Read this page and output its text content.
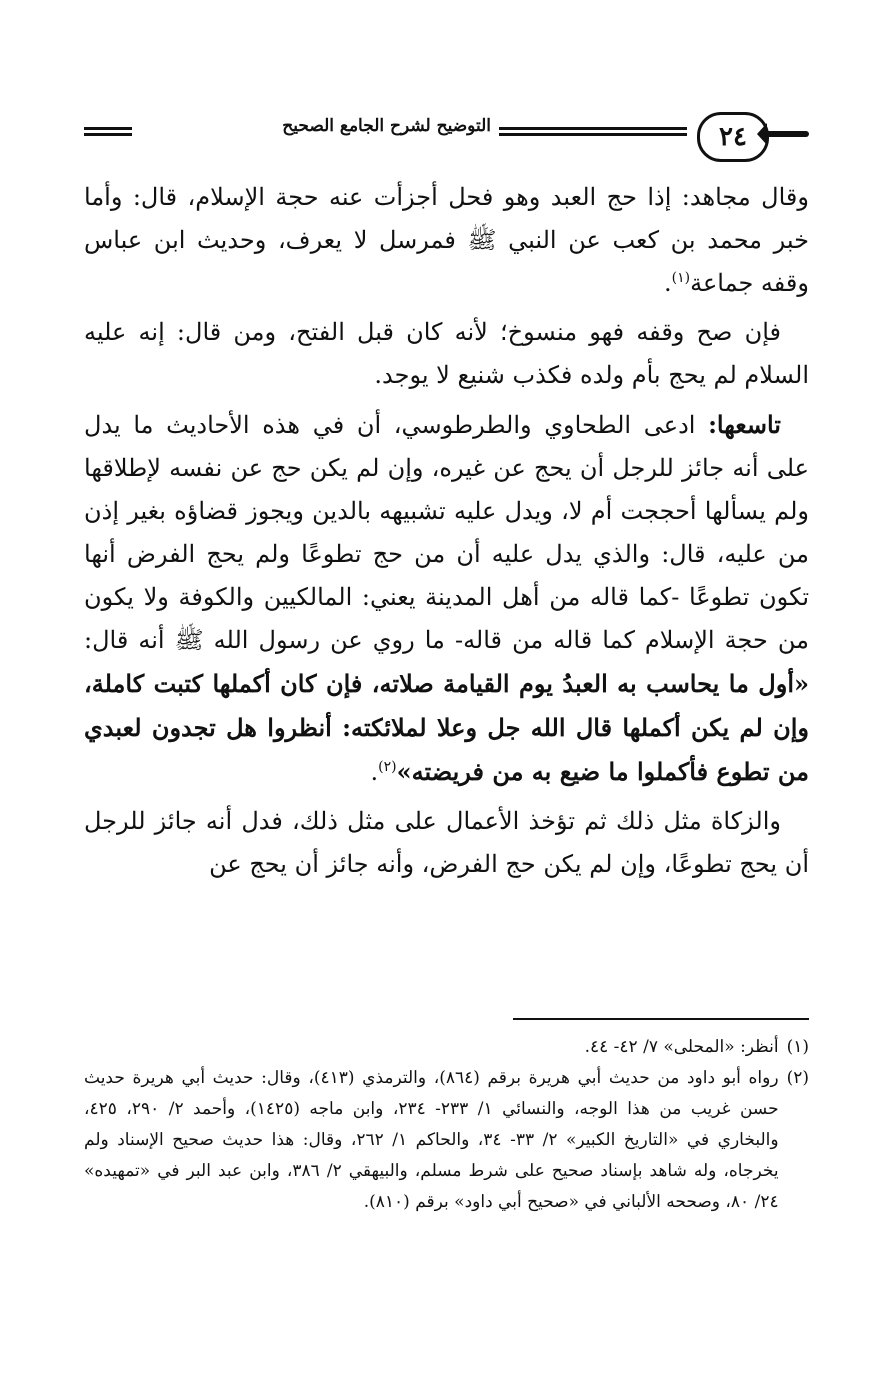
التوضيح لشرح الجامع الصحيح	٢٤

وقال مجاهد: إذا حج العبد وهو فحل أجزأت عنه حجة الإسلام، قال: وأما خبر محمد بن كعب عن النبي ﷺ فمرسل لا يعرف، وحديث ابن عباس وقفه جماعة$^{(١)}$.

فإن صح وقفه فهو منسوخ؛ لأنه كان قبل الفتح، ومن قال: إنه عليه السلام لم يحج بأم ولده فكذب شنيع لا يوجد.

تاسعها: ادعى الطحاوي والطرطوسي، أن في هذه الأحاديث ما يدل على أنه جائز للرجل أن يحج عن غيره، وإن لم يكن حج عن نفسه لإطلاقها ولم يسألها أحججت أم لا، ويدل عليه تشبيهه بالدين ويجوز قضاؤه بغير إذن من عليه، قال: والذي يدل عليه أن من حج تطوعًا ولم يحج الفرض أنها تكون تطوعًا -كما قاله من أهل المدينة يعني: المالكيين والكوفة ولا يكون من حجة الإسلام كما قاله من قاله- ما روي عن رسول الله ﷺ أنه قال: «أول ما يحاسب به العبدُ يوم القيامة صلاته، فإن كان أكملها كتبت كاملة، وإن لم يكن أكملها قال الله جل وعلا لملائكته: أنظروا هل تجدون لعبدي من تطوع فأكملوا ما ضيع به من فريضته»$^{(٢)}$.

والزكاة مثل ذلك ثم تؤخذ الأعمال على مثل ذلك، فدل أنه جائز للرجل أن يحج تطوعًا، وإن لم يكن حج الفرض، وأنه جائز أن يحج عن

(١)
أنظر: «المحلى» ٧/ ٤٢- ٤٤.
(٢)
رواه أبو داود من حديث أبي هريرة برقم (٨٦٤)، والترمذي (٤١٣)، وقال: حديث أبي هريرة حديث حسن غريب من هذا الوجه، والنسائي ١/ ٢٣٣- ٢٣٤، وابن ماجه (١٤٢٥)، وأحمد ٢/ ٢٩٠، ٤٢٥، والبخاري في «التاريخ الكبير» ٢/ ٣٣- ٣٤، والحاكم ١/ ٢٦٢، وقال: هذا حديث صحيح الإسناد ولم يخرجاه، وله شاهد بإسناد صحيح على شرط مسلم، والبيهقي ٢/ ٣٨٦، وابن عبد البر في «تمهيده» ٢٤/ ٨٠، وصححه الألباني في «صحيح أبي داود» برقم (٨١٠).
